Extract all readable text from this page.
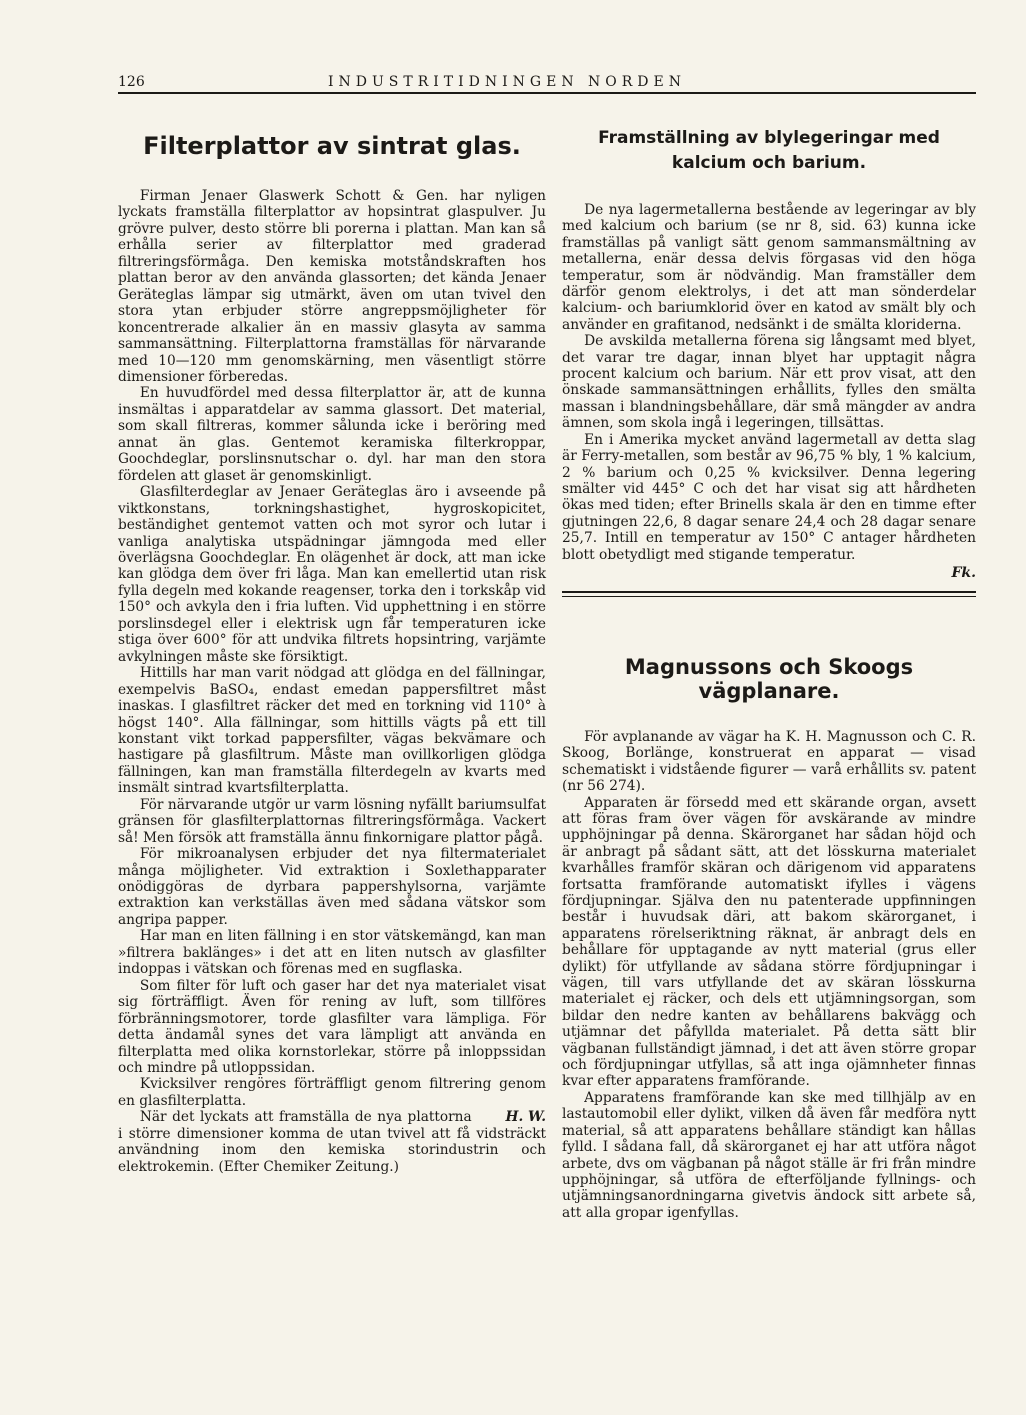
126	INDUSTRITIDNINGEN NORDEN
Filterplattor av sintrat glas.

Firman Jenaer Glaswerk Schott & Gen. har nyligen lyckats framställa filterplattor av hopsintrat glaspulver. Ju grövre pulver, desto större bli porerna i plattan. Man kan så erhålla serier av filterplattor med graderad filtreringsförmåga. Den kemiska motståndskraften hos plattan beror av den använda glassorten; det kända Jenaer Geräteglas lämpar sig utmärkt, även om utan tvivel den stora ytan erbjuder större angreppsmöjligheter för koncentrerade alkalier än en massiv glasyta av samma sammansättning. Filterplattorna framställas för närvarande med 10—120 mm genomskärning, men väsentligt större dimensioner förberedas.

En huvudfördel med dessa filterplattor är, att de kunna insmältas i apparatdelar av samma glassort. Det material, som skall filtreras, kommer sålunda icke i beröring med annat än glas. Gentemot keramiska filterkroppar, Goochdeglar, porslinsnutschar o. dyl. har man den stora fördelen att glaset är genomskinligt.

Glasfilterdeglar av Jenaer Geräteglas äro i avseende på viktkonstans, torkningshastighet, hygroskopicitet, beständighet gentemot vatten och mot syror och lutar i vanliga analytiska utspädningar jämngoda med eller överlägsna Goochdeglar. En olägenhet är dock, att man icke kan glödga dem över fri låga. Man kan emellertid utan risk fylla degeln med kokande reagenser, torka den i torkskåp vid 150° och avkyla den i fria luften. Vid upphettning i en större porslinsdegel eller i elektrisk ugn får temperaturen icke stiga över 600° för att undvika filtrets hopsintring, varjämte avkylningen måste ske försiktigt.

Hittills har man varit nödgad att glödga en del fällningar, exempelvis BaSO₄, endast emedan pappersfiltret måst inaskas. I glasfiltret räcker det med en torkning vid 110° à högst 140°. Alla fällningar, som hittills vägts på ett till konstant vikt torkad pappersfilter, vägas bekvämare och hastigare på glasfiltrum. Måste man ovillkorligen glödga fällningen, kan man framställa filterdegeln av kvarts med insmält sintrad kvartsfilterplatta.

För närvarande utgör ur varm lösning nyfällt bariumsulfat gränsen för glasfilterplattornas filtreringsförmåga. Vackert så! Men försök att framställa ännu finkornigare plattor pågå.

För mikroanalysen erbjuder det nya filtermaterialet många möjligheter. Vid extraktion i Soxlethapparater onödiggöras de dyrbara pappershylsorna, varjämte extraktion kan verkställas även med sådana vätskor som angripa papper.

Har man en liten fällning i en stor vätskemängd, kan man »filtrera baklänges» i det att en liten nutsch av glasfilter indoppas i vätskan och förenas med en sugflaska.

Som filter för luft och gaser har det nya materialet visat sig förträffligt. Även för rening av luft, som tillföres förbränningsmotorer, torde glasfilter vara lämpliga. För detta ändamål synes det vara lämpligt att använda en filterplatta med olika kornstorlekar, större på inloppssidan och mindre på utloppssidan.

Kvicksilver rengöres förträffligt genom filtrering genom en glasfilterplatta.

H. W.
När det lyckats att framställa de nya plattorna i större dimensioner komma de utan tvivel att få vidsträckt användning inom den kemiska storindustrin och elektrokemin. (Efter Chemiker Zeitung.)

Framställning av blylegeringar med kalcium och barium.

De nya lagermetallerna bestående av legeringar av bly med kalcium och barium (se nr 8, sid. 63) kunna icke framställas på vanligt sätt genom sammansmältning av metallerna, enär dessa delvis förgasas vid den höga temperatur, som är nödvändig. Man framställer dem därför genom elektrolys, i det att man sönderdelar kalcium- och bariumklorid över en katod av smält bly och använder en grafitanod, nedsänkt i de smälta kloriderna.

De avskilda metallerna förena sig långsamt med blyet, det varar tre dagar, innan blyet har upptagit några procent kalcium och barium. När ett prov visat, att den önskade sammansättningen erhållits, fylles den smälta massan i blandningsbehållare, där små mängder av andra ämnen, som skola ingå i legeringen, tillsättas.

En i Amerika mycket använd lagermetall av detta slag är Ferry-metallen, som består av 96,75 % bly, 1 % kalcium, 2 % barium och 0,25 % kvicksilver. Denna legering smälter vid 445° C och det har visat sig att hårdheten ökas med tiden; efter Brinells skala är den en timme efter gjutningen 22,6, 8 dagar senare 24,4 och 28 dagar senare 25,7. Intill en temperatur av 150° C antager hårdheten blott obetydligt med stigande temperatur.

Fk.
Magnussons och Skoogs vägplanare.

För avplanande av vägar ha K. H. Magnusson och C. R. Skoog, Borlänge, konstruerat en apparat — visad schematiskt i vidstående figurer — varå erhållits sv. patent (nr 56 274).

Apparaten är försedd med ett skärande organ, avsett att föras fram över vägen för avskärande av mindre upphöjningar på denna. Skärorganet har sådan höjd och är anbragt på sådant sätt, att det lösskurna materialet kvarhålles framför skäran och därigenom vid apparatens fortsatta framförande automatiskt ifylles i vägens fördjupningar. Själva den nu patenterade uppfinningen består i huvudsak däri, att bakom skärorganet, i apparatens rörelseriktning räknat, är anbragt dels en behållare för upptagande av nytt material (grus eller dylikt) för utfyllande av sådana större fördjupningar i vägen, till vars utfyllande det av skäran lösskurna materialet ej räcker, och dels ett utjämningsorgan, som bildar den nedre kanten av behållarens bakvägg och utjämnar det påfyllda materialet. På detta sätt blir vägbanan fullständigt jämnad, i det att även större gropar och fördjupningar utfyllas, så att inga ojämnheter finnas kvar efter apparatens framförande.

Apparatens framförande kan ske med tillhjälp av en lastautomobil eller dylikt, vilken då även får medföra nytt material, så att apparatens behållare ständigt kan hållas fylld. I sådana fall, då skärorganet ej har att utföra något arbete, dvs om vägbanan på något ställe är fri från mindre upphöjningar, så utföra de efterföljande fyllnings- och utjämningsanordningarna givetvis ändock sitt arbete så, att alla gropar igenfyllas.
